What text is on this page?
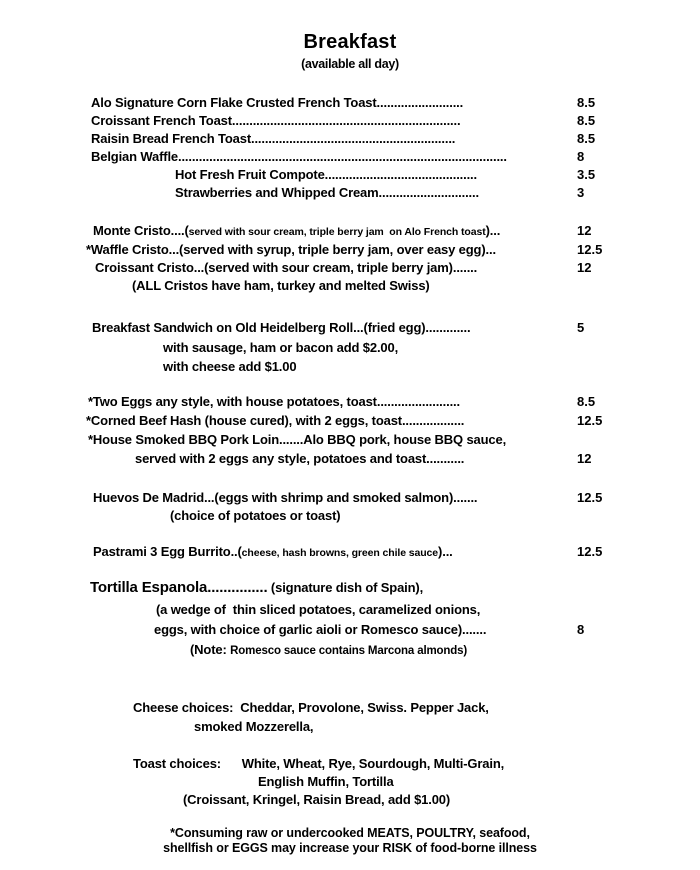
Breakfast
(available all day)
Alo Signature Corn Flake Crusted French Toast.........................	8.5
Croissant French Toast..................................................................	8.5
Raisin Bread French Toast...........................................................	8.5
Belgian Waffle...............................................................................................	8
Hot Fresh Fruit Compote............................................	3.5
Strawberries and Whipped Cream.............................	3
Monte Cristo....(served with sour cream, triple berry jam  on Alo French toast)...	12
*Waffle Cristo...(served with syrup, triple berry jam, over easy egg)...	12.5
Croissant Cristo...(served with sour cream, triple berry jam).......	12
(ALL Cristos have ham, turkey and melted Swiss)
Breakfast Sandwich on Old Heidelberg Roll...(fried egg).............	5
with sausage, ham or bacon add $2.00,
with cheese add $1.00
*Two Eggs any style, with house potatoes, toast........................	8.5
*Corned Beef Hash (house cured), with 2 eggs, toast..................	12.5
*House Smoked BBQ Pork Loin.......Alo BBQ pork, house BBQ sauce,
served with 2 eggs any style, potatoes and toast...........	12
Huevos De Madrid...(eggs with shrimp and smoked salmon).......	12.5
(choice of potatoes or toast)
Pastrami 3 Egg Burrito..(cheese, hash browns, green chile sauce)...	12.5
Tortilla Espanola............... (signature dish of Spain),
(a wedge of  thin sliced potatoes, caramelized onions,
eggs, with choice of garlic aioli or Romesco sauce).......	8
(Note: Romesco sauce contains Marcona almonds)
Cheese choices:  Cheddar, Provolone, Swiss. Pepper Jack,
smoked Mozzerella,
Toast choices:      White, Wheat, Rye, Sourdough, Multi-Grain,
English Muffin, Tortilla
(Croissant, Kringel, Raisin Bread, add $1.00)
*Consuming raw or undercooked MEATS, POULTRY, seafood,
shellfish or EGGS may increase your RISK of food-borne illness
